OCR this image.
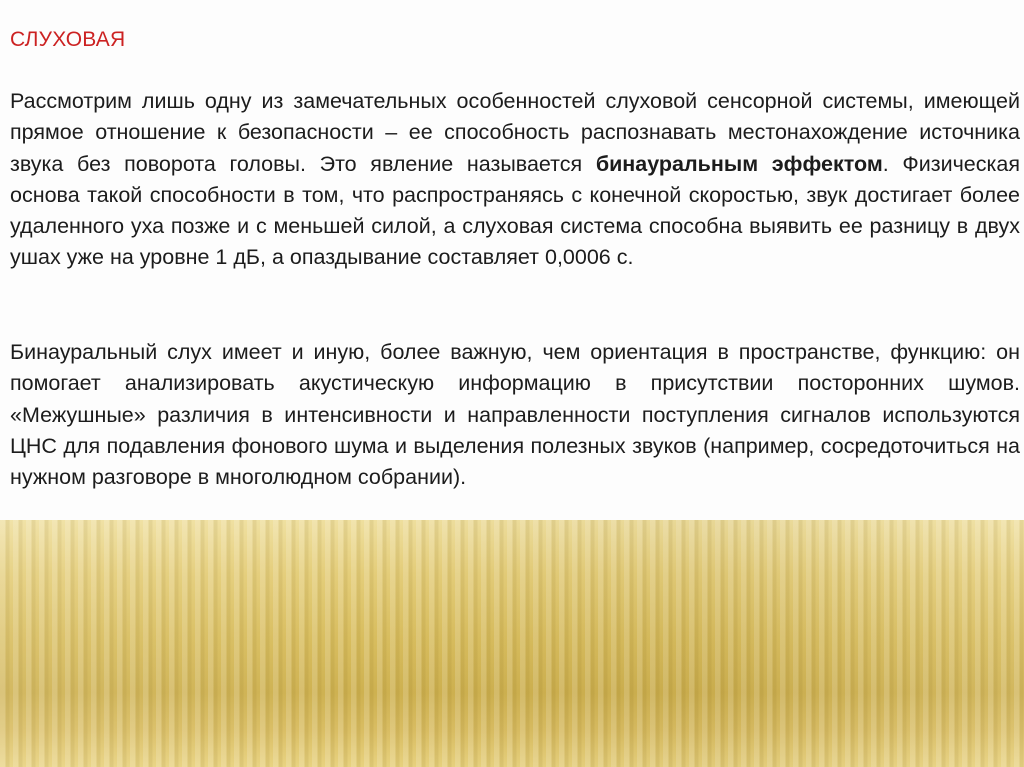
СЛУХОВАЯ

Рассмотрим лишь одну из замечательных особенностей слуховой сенсорной системы, имеющей прямое отношение к безопасности – ее способность распознавать местонахождение источника звука без поворота головы. Это явление называется бинауральным эффектом. Физическая основа такой способности в том, что распространяясь с конечной скоростью, звук достигает более удаленного уха позже и с меньшей силой, а слуховая система способна выявить ее разницу в двух ушах уже на уровне 1 дБ, а опаздывание составляет 0,0006 с.

Бинауральный слух имеет и иную, более важную, чем ориентация в пространстве, функцию: он помогает анализировать акустическую информацию в присутствии посторонних шумов. «Межушные» различия в интенсивности и направленности поступления сигналов используются ЦНС для подавления фонового шума и выделения полезных звуков (например, сосредоточиться на нужном разговоре в многолюдном собрании).
